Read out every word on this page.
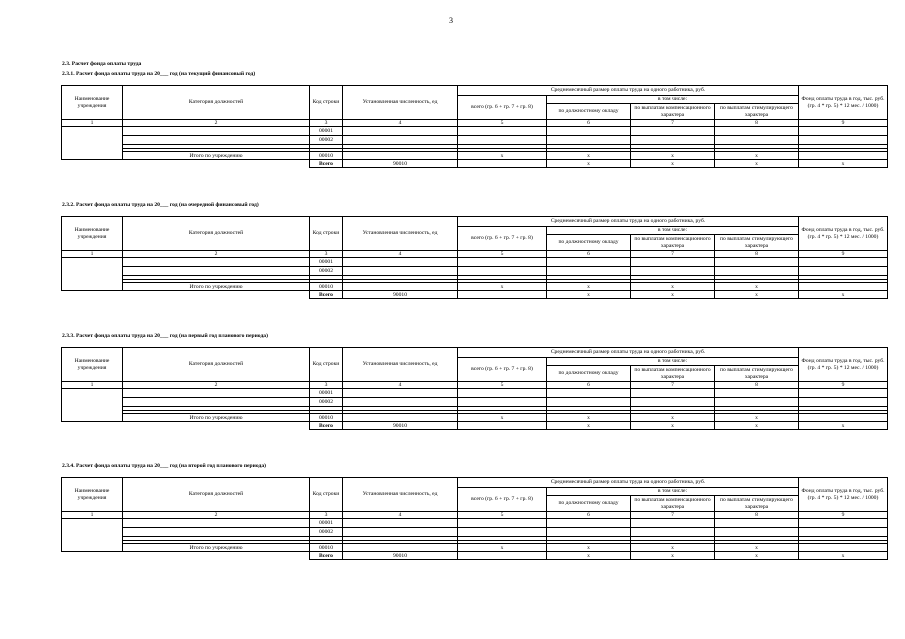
3
2.3. Расчет фонда оплаты труда
2.3.1. Расчет фонда оплаты труда на 20___ год (на текущий финансовый год)
Наименование учреждения	Категория должностей	Код строки	Установленная численность, ед	Среднемесячный размер оплаты труда на одного работника, руб.				Фонд оплаты труда в год, тыс. руб. (гр. 4 * гр. 5) * 12 мес. / 1000)	
				всего (гр. 6 + гр. 7 + гр. 8)	в том числе:				
					по должностному окладу	по выплатам компенсационного характера	по выплатам стимулирующего характера		
1	2	3	4	5	6	7	8	9	
		00001							
		00002							

	Итого по учреждению	00010		x	x	x	x		
		Всего	90010		x	x	x	x	
2.3.2. Расчет фонда оплаты труда на 20___ год (на очередной финансовый год)
Наименование учреждения	Категория должностей	Код строки	Установленная численность, ед	Среднемесячный размер оплаты труда на одного работника, руб.				Фонд оплаты труда в год, тыс. руб. (гр. 4 * гр. 5) * 12 мес. / 1000)	
				всего (гр. 6 + гр. 7 + гр. 8)	в том числе:				
					по должностному окладу	по выплатам компенсационного характера	по выплатам стимулирующего характера		
1	2	3	4	5	6	7	8	9	
		00001							
		00002							

	Итого по учреждению	00010		x	x	x	x		
		Всего	90010		x	x	x	x	
2.3.3. Расчет фонда оплаты труда на 20___ год (на первый год планового периода)
Наименование учреждения	Категория должностей	Код строки	Установленная численность, ед	Среднемесячный размер оплаты труда на одного работника, руб.				Фонд оплаты труда в год, тыс. руб. (гр. 4 * гр. 5) * 12 мес. / 1000)	
				всего (гр. 6 + гр. 7 + гр. 8)	в том числе:				
					по должностному окладу	по выплатам компенсационного характера	по выплатам стимулирующего характера		
1	2	3	4	5	6	7	8	9	
		00001							
		00002							

	Итого по учреждению	00010		x	x	x	x		
		Всего	90010		x	x	x	x	
2.3.4. Расчет фонда оплаты труда на 20___ год (на второй год планового периода)
Наименование учреждения	Категория должностей	Код строки	Установленная численность, ед	Среднемесячный размер оплаты труда на одного работника, руб.				Фонд оплаты труда в год, тыс. руб. (гр. 4 * гр. 5) * 12 мес. / 1000)	
				всего (гр. 6 + гр. 7 + гр. 8)	в том числе:				
					по должностному окладу	по выплатам компенсационного характера	по выплатам стимулирующего характера		
1	2	3	4	5	6	7	8	9	
		00001							
		00002							

	Итого по учреждению	00010		x	x	x	x		
		Всего	90010		x	x	x	x	
